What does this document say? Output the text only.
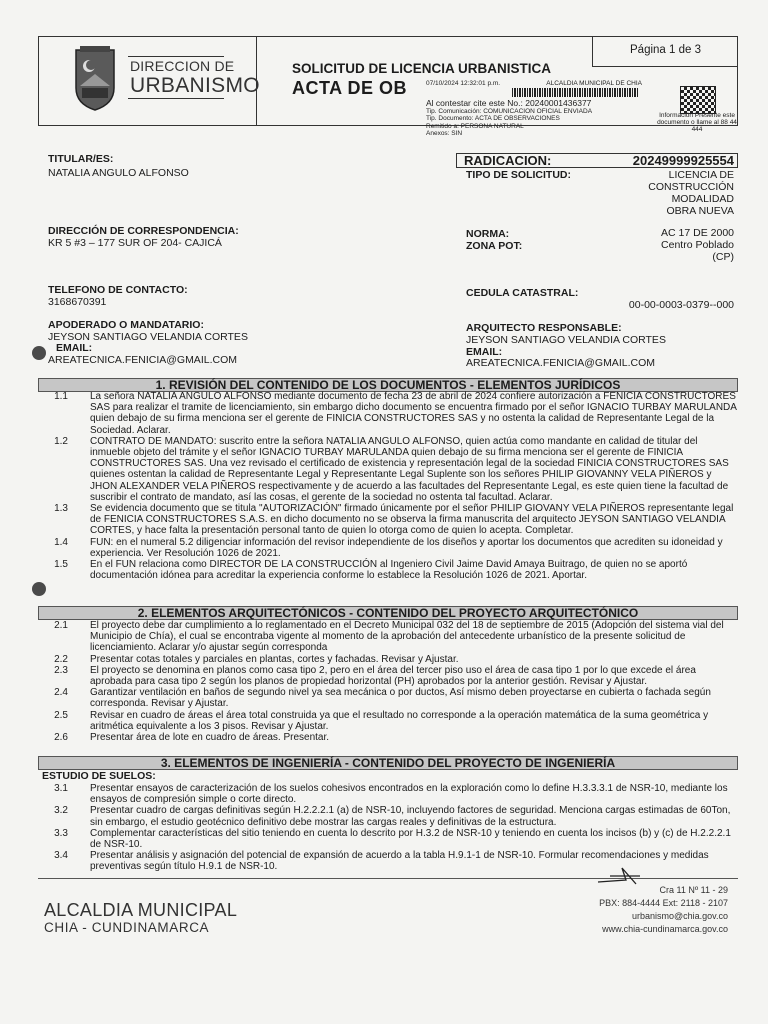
DIRECCION DE
URBANISMO
SOLICITUD DE LICENCIA URBANISTICA
ACTA DE OB
Página 1 de 3
07/10/2024 12:32:01 p.m.	ALCALDIA MUNICIPAL DE CHIA
Al contestar cite este No.: 20240001436377
Tip. Comunicación: COMUNICACION OFICIAL ENVIADA
Tip. Documento: ACTA DE OBSERVACIONES
Remitido a: PERSONA NATURAL
Anexos: SIN
Información Presente este documento o llame al 88 44 444
TITULAR/ES:
NATALIA ANGULO ALFONSO
RADICACION:	20249999925554
TIPO DE SOLICITUD:	LICENCIA DE
CONSTRUCCIÓN
MODALIDAD
OBRA NUEVA
DIRECCIÓN DE CORRESPONDENCIA:
KR 5 #3 – 177 SUR OF 204- CAJICÁ
NORMA:	AC 17 DE 2000
ZONA POT:	Centro Poblado
(CP)
TELEFONO DE CONTACTO:
3168670391
CEDULA CATASTRAL:
00-00-0003-0379--000
APODERADO O MANDATARIO:
JEYSON SANTIAGO VELANDIA CORTES
EMAIL:
AREATECNICA.FENICIA@GMAIL.COM
ARQUITECTO RESPONSABLE:
JEYSON SANTIAGO VELANDIA CORTES
EMAIL:
AREATECNICA.FENICIA@GMAIL.COM
1. REVISIÓN DEL CONTENIDO DE LOS DOCUMENTOS - ELEMENTOS JURÍDICOS
1.1 La señora NATALIA ANGULO ALFONSO mediante documento de fecha 23 de abril de 2024 confiere autorización a FENICIA CONSTRUCTORES SAS para realizar el tramite de licenciamiento, sin embargo dicho documento se encuentra firmado por el señor IGNACIO TURBAY MARULANDA quien debajo de su firma menciona ser el gerente de FINICIA CONSTRUCTORES SAS y no ostenta la calidad de Representante Legal de la Sociedad. Aclarar.
1.2 CONTRATO DE MANDATO: suscrito entre la señora NATALIA ANGULO ALFONSO, quien actúa como mandante en calidad de titular del inmueble objeto del trámite y el señor IGNACIO TURBAY MARULANDA quien debajo de su firma menciona ser el gerente de FINICIA CONSTRUCTORES SAS. Una vez revisado el certificado de existencia y representación legal de la sociedad FINICIA CONSTRUCTORES SAS quienes ostentan la calidad de Representante Legal y Representante Legal Suplente son los señores PHILIP GIOVANNY VELA PIÑEROS y JHON ALEXANDER VELA PIÑEROS respectivamente y de acuerdo a las facultades del Representante Legal, es este quien tiene la facultad de suscribir el contrato de mandato, así las cosas, el gerente de la sociedad no ostenta tal facultad. Aclarar.
1.3 Se evidencia documento que se titula "AUTORIZACIÓN" firmado únicamente por el señor PHILIP GIOVANY VELA PIÑEROS representante legal de FENICIA CONSTRUCTORES S.A.S. en dicho documento no se observa la firma manuscrita del arquitecto JEYSON SANTIAGO VELANDIA CORTES, y hace falta la presentación personal tanto de quien lo otorga como de quien lo acepta. Completar.
1.4 FUN: en el numeral 5.2 diligenciar información del revisor independiente de los diseños y aportar los documentos que acrediten su idoneidad y experiencia. Ver Resolución 1026 de 2021.
1.5 En el FUN relaciona como DIRECTOR DE LA CONSTRUCCIÓN al Ingeniero Civil Jaime David Amaya Buitrago, de quien no se aportó documentación idónea para acreditar la experiencia conforme lo establece la Resolución 1026 de 2021. Aportar.
2. ELEMENTOS ARQUITECTÓNICOS - CONTENIDO DEL PROYECTO ARQUITECTÓNICO
2.1 El proyecto debe dar cumplimiento a lo reglamentado en el Decreto Municipal 032 del 18 de septiembre de 2015 (Adopción del sistema vial del Municipio de Chía), el cual se encontraba vigente al momento de la aprobación del antecedente urbanístico de la presente solicitud de licenciamiento. Aclarar y/o ajustar según corresponda
2.2 Presentar cotas totales y parciales en plantas, cortes y fachadas. Revisar y Ajustar.
2.3 El proyecto se denomina en planos como casa tipo 2, pero en el área del tercer piso uso el área de casa tipo 1 por lo que excede el área aprobada para casa tipo 2 según los planos de propiedad horizontal (PH) aprobados por la anterior gestión. Revisar y Ajustar.
2.4 Garantizar ventilación en baños de segundo nivel ya sea mecánica o por ductos, Así mismo deben proyectarse en cubierta o fachada según corresponda. Revisar y Ajustar.
2.5 Revisar en cuadro de áreas el área total construida ya que el resultado no corresponde a la operación matemática de la suma geométrica y aritmética equivalente a los 3 pisos. Revisar y Ajustar.
2.6 Presentar área de lote en cuadro de áreas. Presentar.
3. ELEMENTOS DE INGENIERÍA - CONTENIDO DEL PROYECTO DE INGENIERÍA
ESTUDIO DE SUELOS:
3.1 Presentar ensayos de caracterización de los suelos cohesivos encontrados en la exploración como lo define H.3.3.3.1 de NSR-10, mediante los ensayos de compresión simple o corte directo.
3.2 Presentar cuadro de cargas definitivas según H.2.2.2.1 (a) de NSR-10, incluyendo factores de seguridad. Menciona cargas estimadas de 60Ton, sin embargo, el estudio geotécnico definitivo debe mostrar las cargas reales y definitivas de la estructura.
3.3 Complementar características del sitio teniendo en cuenta lo descrito por H.3.2 de NSR-10 y teniendo en cuenta los incisos (b) y (c) de H.2.2.2.1 de NSR-10.
3.4 Presentar análisis y asignación del potencial de expansión de acuerdo a la tabla H.9.1-1 de NSR-10. Formular recomendaciones y medidas preventivas según título H.9.1 de NSR-10.
ALCALDIA MUNICIPAL
CHIA - CUNDINAMARCA
Cra 11 Nº 11 - 29
PBX: 884-4444 Ext: 2118 - 2107
urbanismo@chia.gov.co
www.chia-cundinamarca.gov.co
